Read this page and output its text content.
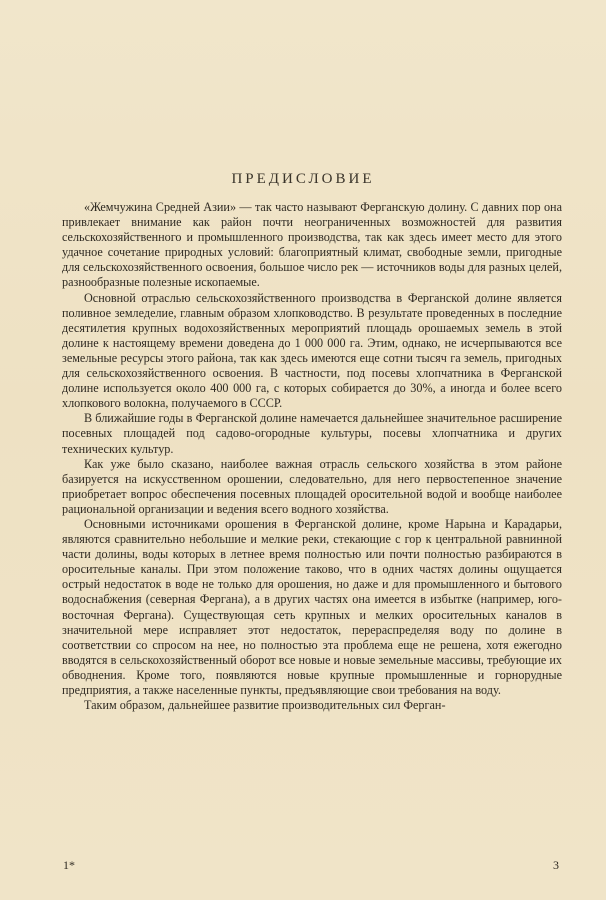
ПРЕДИСЛОВИЕ

«Жемчужина Средней Азии» — так часто называют Ферганскую долину. С давних пор она привлекает внимание как район почти неограниченных возможностей для развития сельскохозяйственного и промышленного производства, так как здесь имеет место для этого удачное сочетание природных условий: благоприятный климат, свободные земли, пригодные для сельскохозяйственного освоения, большое число рек — источников воды для разных целей, разнообразные полезные ископаемые.

Основной отраслью сельскохозяйственного производства в Ферганской долине является поливное земледелие, главным образом хлопководство. В результате проведенных в последние десятилетия крупных водохозяйственных мероприятий площадь орошаемых земель в этой долине к настоящему времени доведена до 1 000 000 га. Этим, однако, не исчерпываются все земельные ресурсы этого района, так как здесь имеются еще сотни тысяч га земель, пригодных для сельскохозяйственного освоения. В частности, под посевы хлопчатника в Ферганской долине используется около 400 000 га, с которых собирается до 30%, а иногда и более всего хлопкового волокна, получаемого в СССР.

В ближайшие годы в Ферганской долине намечается дальнейшее значительное расширение посевных площадей под садово-огородные культуры, посевы хлопчатника и других технических культур.

Как уже было сказано, наиболее важная отрасль сельского хозяйства в этом районе базируется на искусственном орошении, следовательно, для него первостепенное значение приобретает вопрос обеспечения посевных площадей оросительной водой и вообще наиболее рациональной организации и ведения всего водного хозяйства.

Основными источниками орошения в Ферганской долине, кроме Нарына и Карадарьи, являются сравнительно небольшие и мелкие реки, стекающие с гор к центральной равнинной части долины, воды которых в летнее время полностью или почти полностью разбираются в оросительные каналы. При этом положение таково, что в одних частях долины ощущается острый недостаток в воде не только для орошения, но даже и для промышленного и бытового водоснабжения (северная Фергана), а в других частях она имеется в избытке (например, юго-восточная Фергана). Существующая сеть крупных и мелких оросительных каналов в значительной мере исправляет этот недостаток, перераспределяя воду по долине в соответствии со спросом на нее, но полностью эта проблема еще не решена, хотя ежегодно вводятся в сельскохозяйственный оборот все новые и новые земельные массивы, требующие их обводнения. Кроме того, появляются новые крупные промышленные и горнорудные предприятия, а также населенные пункты, предъявляющие свои требования на воду.

Таким образом, дальнейшее развитие производительных сил Ферган-

1*	3
